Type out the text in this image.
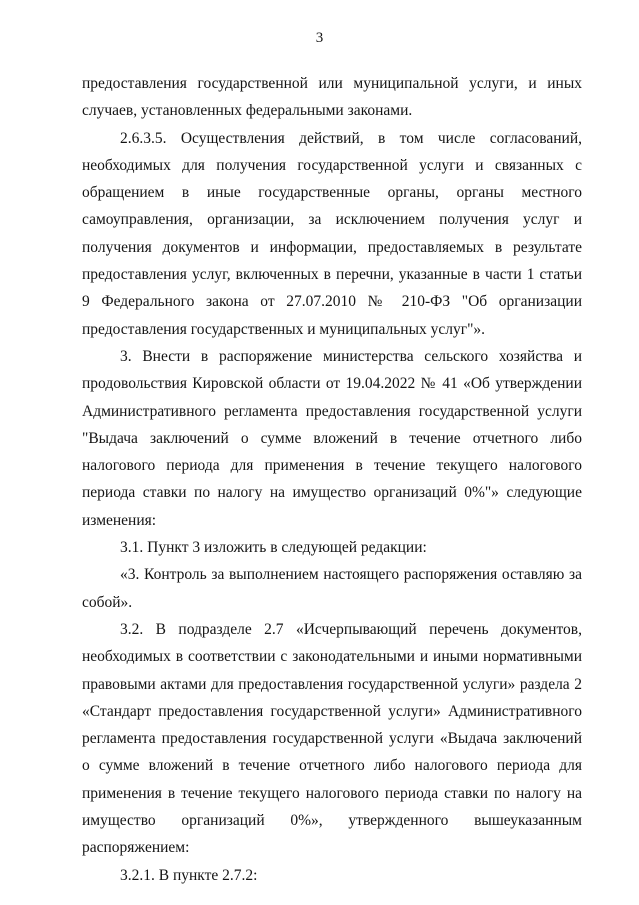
3

предоставления государственной или муниципальной услуги, и иных случаев, установленных федеральными законами.

2.6.3.5. Осуществления действий, в том числе согласований, необходимых для получения государственной услуги и связанных с обращением в иные государственные органы, органы местного самоуправления, организации, за исключением получения услуг и получения документов и информации, предоставляемых в результате предоставления услуг, включенных в перечни, указанные в части 1 статьи 9 Федерального закона от 27.07.2010 № 210-ФЗ "Об организации предоставления государственных и муниципальных услуг"».

3. Внести в распоряжение министерства сельского хозяйства и продовольствия Кировской области от 19.04.2022 № 41 «Об утверждении Административного регламента предоставления государственной услуги "Выдача заключений о сумме вложений в течение отчетного либо налогового периода для применения в течение текущего налогового периода ставки по налогу на имущество организаций 0%"» следующие изменения:

3.1. Пункт 3 изложить в следующей редакции:

«3. Контроль за выполнением настоящего распоряжения оставляю за собой».

3.2. В подразделе 2.7 «Исчерпывающий перечень документов, необходимых в соответствии с законодательными и иными нормативными правовыми актами для предоставления государственной услуги» раздела 2 «Стандарт предоставления государственной услуги» Административного регламента предоставления государственной услуги «Выдача заключений о сумме вложений в течение отчетного либо налогового периода для применения в течение текущего налогового периода ставки по налогу на имущество организаций 0%», утвержденного вышеуказанным распоряжением:

3.2.1. В пункте 2.7.2:
